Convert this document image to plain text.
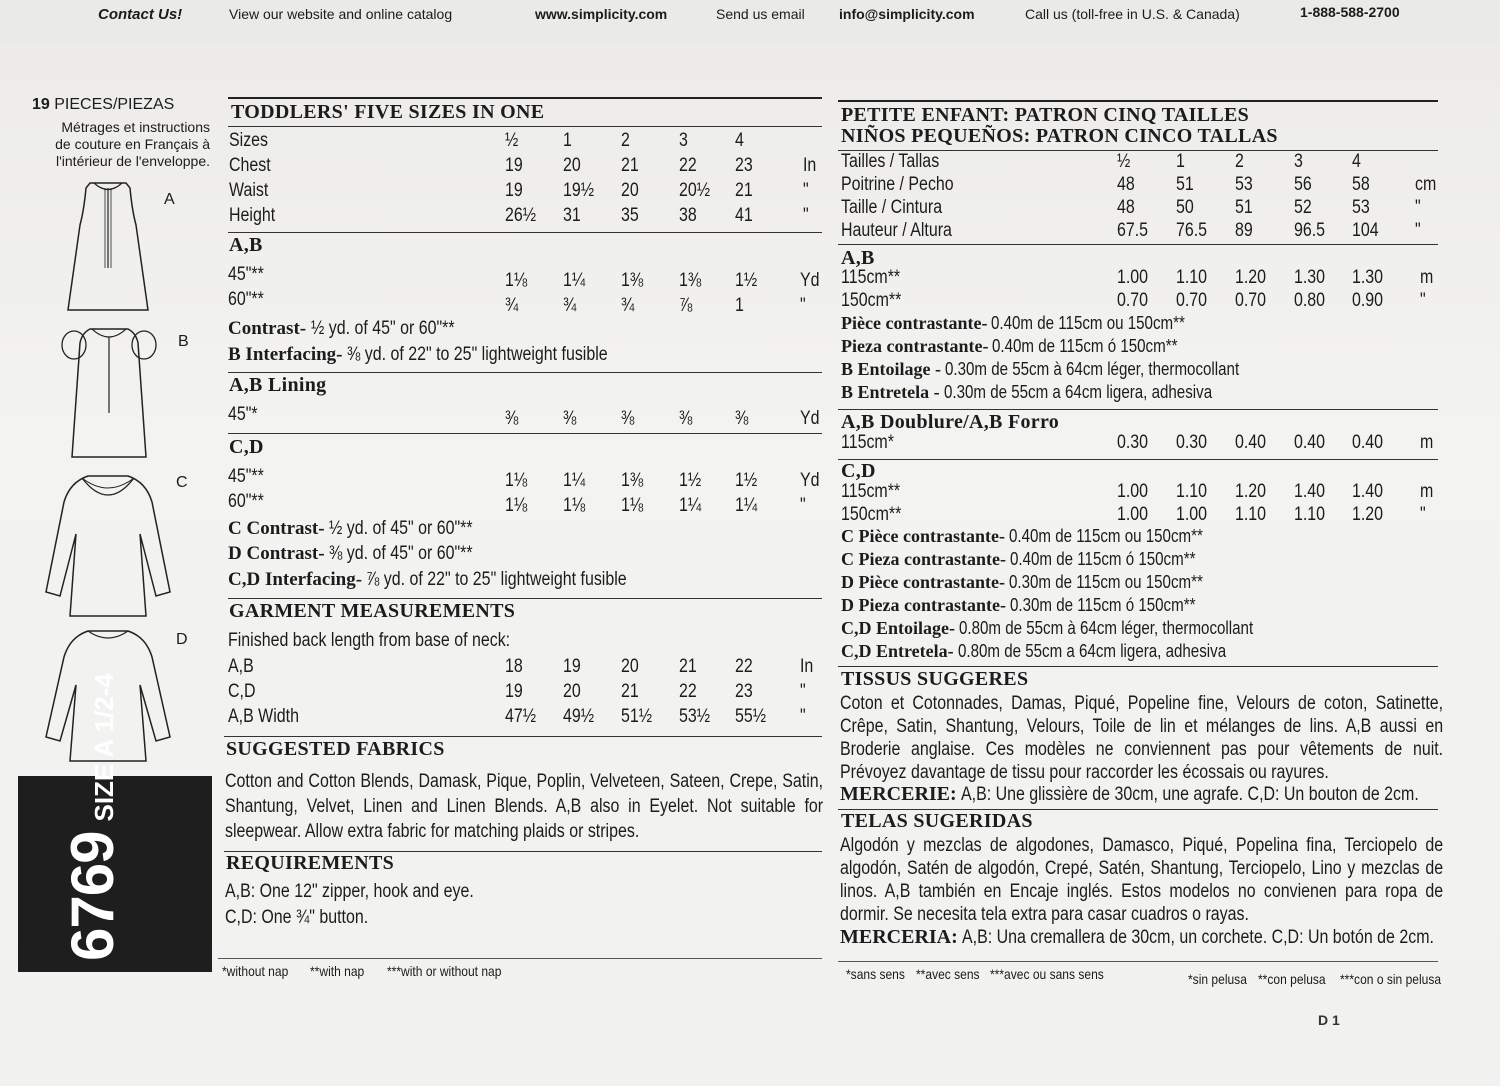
Contact Us!	View our website and online catalog	www.simplicity.com	Send us email info@simplicity.com	Call us (toll-free in U.S. & Canada)	1-888-588-2700
19 PIECES/PIEZAS
Métrages et instructions
de couture en Français à
l'intérieur de l'enveloppe.
A
B
C
D
6769SIZE A 1/2-4
TODDLERS' FIVE SIZES IN ONE
Sizes	½ 1	2	3 4
Chest	19 20 21 22 23	In
Waist	19 19½ 20 20½ 21	"
Height	26½ 31 35 38 41	"
A,B
45"**	1⅛ 1¼ 1⅜ 1⅜ 1½ Yd
60"**	¾ ¾ ¾ ⅞ 1	"
Contrast- ½ yd. of 45" or 60"**
B Interfacing- ⅜ yd. of 22" to 25" lightweight fusible
A,B Lining
45"*	⅜ ⅜ ⅜ ⅜ ⅜	Yd
C,D
45"**	1⅛ 1¼ 1⅜ 1½ 1½ Yd
60"**	1⅛ 1⅛ 1⅛ 1¼ 1¼ "
C Contrast- ½ yd. of 45" or 60"**
D Contrast- ⅜ yd. of 45" or 60"**
C,D Interfacing- ⅞ yd. of 22" to 25" lightweight fusible
GARMENT MEASUREMENTS
Finished back length from base of neck:
A,B	18 19 20 21 22 In
C,D	19 20 21 22 23 "
A,B Width	47½ 49½ 51½ 53½ 55½ "
SUGGESTED FABRICS
Cotton and Cotton Blends, Damask, Pique, Poplin, Velveteen, Sateen, Crepe, Satin, Shantung, Velvet, Linen and Linen Blends. A,B also in Eyelet. Not suitable for sleepwear. Allow extra fabric for matching plaids or stripes.
REQUIREMENTS
A,B: One 12" zipper, hook and eye.
C,D: One ¾" button.
*without nap **with nap ***with or without nap
PETITE ENFANT: PATRON CINQ TAILLES
NIÑOS PEQUEÑOS: PATRON CINCO TALLAS
Tailles / Tallas	½ 1	2	3	4
Poitrine / Pecho	48 51 53 56 58 cm
Taille / Cintura	48 50 51 52 53 "
Hauteur / Altura	67.5 76.5 89 96.5 104 "
A,B
115cm**	1.00 1.10 1.20 1.30 1.30 m
150cm**	0.70 0.70 0.70 0.80 0.90 "
Pièce contrastante- 0.40m de 115cm ou 150cm**
Pieza contrastante- 0.40m de 115cm ó 150cm**
B Entoilage - 0.30m de 55cm à 64cm léger, thermocollant
B Entretela - 0.30m de 55cm a 64cm ligera, adhesiva
A,B Doublure/A,B Forro
115cm*	0.30 0.30 0.40 0.40 0.40 m
C,D
115cm**	1.00 1.10 1.20 1.40 1.40 m
150cm**	1.00 1.00 1.10 1.10 1.20 "
C Pièce contrastante- 0.40m de 115cm ou 150cm**
C Pieza contrastante- 0.40m de 115cm ó 150cm**
D Pièce contrastante- 0.30m de 115cm ou 150cm**
D Pieza contrastante- 0.30m de 115cm ó 150cm**
C,D Entoilage- 0.80m de 55cm à 64cm léger, thermocollant
C,D Entretela- 0.80m de 55cm a 64cm ligera, adhesiva
TISSUS SUGGERES
Coton et Cotonnades, Damas, Piqué, Popeline fine, Velours de coton, Satinette, Crêpe, Satin, Shantung, Velours, Toile de lin et mélanges de lins. A,B aussi en Broderie anglaise. Ces modèles ne conviennent pas pour vêtements de nuit. Prévoyez davantage de tissu pour raccorder les écossais ou rayures.
MERCERIE: A,B: Une glissière de 30cm, une agrafe. C,D: Un bouton de 2cm.
TELAS SUGERIDAS
Algodón y mezclas de algodones, Damasco, Piqué, Popelina fina, Terciopelo de algodón, Satén de algodón, Crepé, Satén, Shantung, Terciopelo, Lino y mezclas de linos. A,B también en Encaje inglés. Estos modelos no convienen para ropa de dormir. Se necesita tela extra para casar cuadros o rayas.
MERCERIA: A,B: Una cremallera de 30cm, un corchete. C,D: Un botón de 2cm.
*sans sens **avec sens ***avec ou sans sens	*sin pelusa **con pelusa ***con o sin pelusa
D 1
